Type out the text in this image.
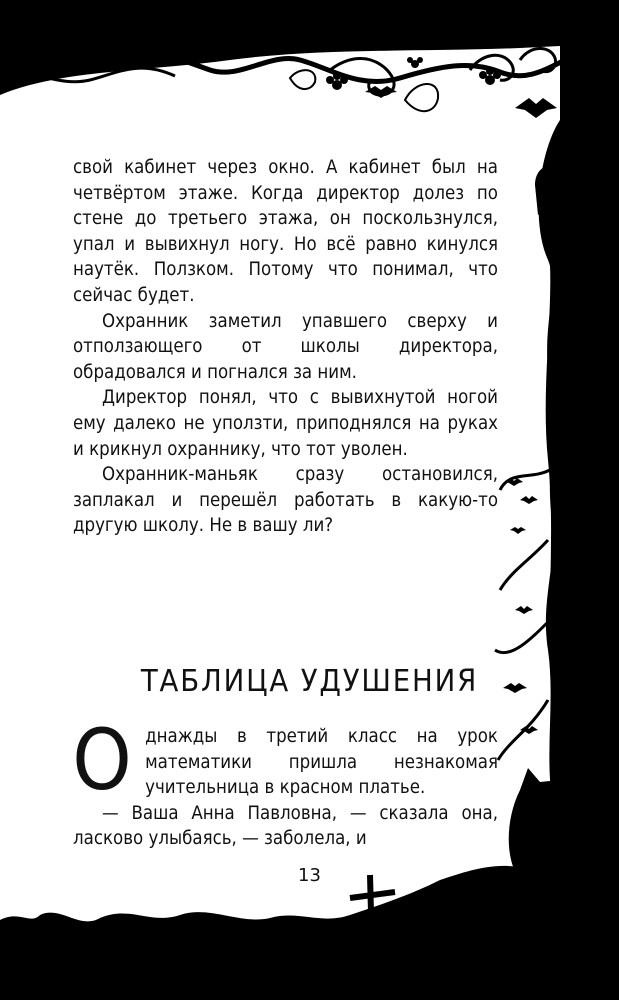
свой кабинет через окно. А кабинет был на четвёртом этаже. Когда директор долез по стене до третьего этажа, он поскользнулся, упал и вывихнул ногу. Но всё равно кинулся наутёк. Ползком. Потому что понимал, что сейчас будет.

Охранник заметил упавшего сверху и отползающего от школы директора, обрадовался и погнался за ним.

Директор понял, что с вывихнутой ногой ему далеко не уползти, приподнялся на руках и крикнул охраннику, что тот уволен.

Охранник-маньяк сразу остановился, заплакал и перешёл работать в какую-то другую школу. Не в вашу ли?

ТАБЛИЦА УДУШЕНИЯ
О днажды в третий класс на урок математики пришла незнакомая учительница в красном платье.

— Ваша Анна Павловна, — сказала она, ласково улыбаясь, — заболела, и

13
